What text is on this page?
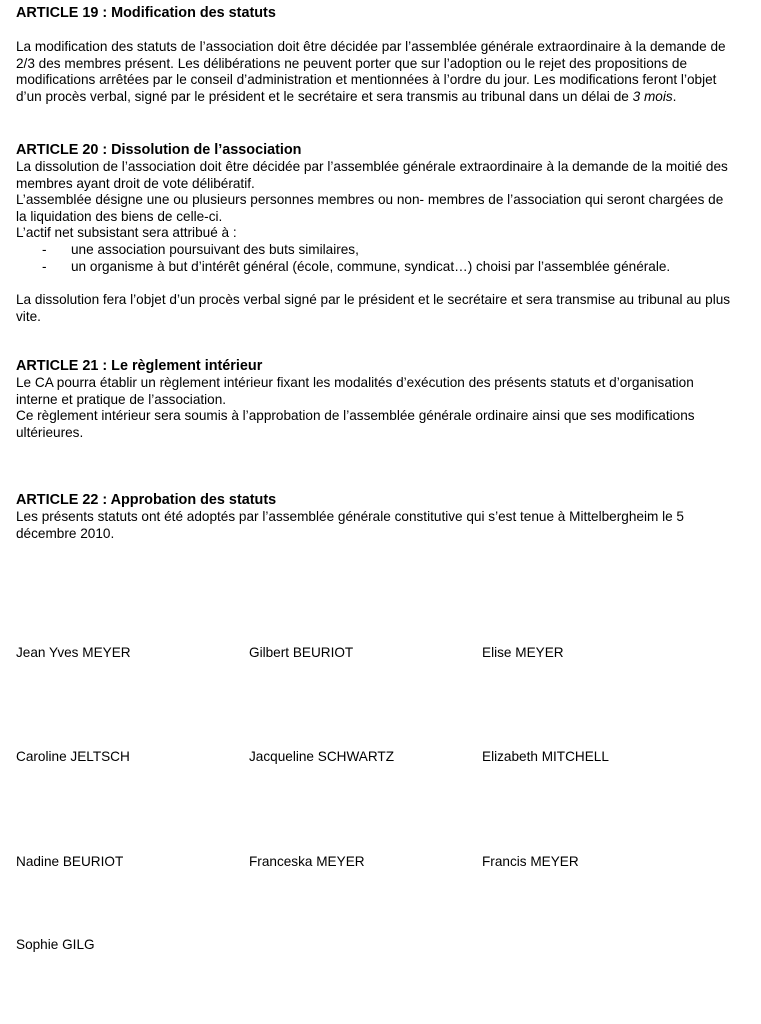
ARTICLE 19 : Modification des statuts

La modification des statuts de l’association doit être décidée par l’assemblée générale extraordinaire à la demande de 2/3 des membres présent. Les délibérations ne peuvent porter que sur l’adoption ou le rejet des propositions de modifications arrêtées par le conseil d’administration et mentionnées à l’ordre du jour. Les modifications feront l’objet d’un procès verbal, signé par le président et le secrétaire et sera transmis au tribunal dans un délai de 3 mois.

ARTICLE 20 : Dissolution de l’association

La dissolution de l’association doit être décidée par l’assemblée générale extraordinaire à la demande de la moitié des membres ayant droit de vote délibératif.

L’assemblée désigne une ou plusieurs personnes membres ou non- membres de l’association qui seront chargées de la liquidation des biens de celle-ci.

L’actif net subsistant sera attribué à :

- une association poursuivant des buts similaires,
- un organisme à but d’intérêt général (école, commune, syndicat…) choisi par l’assemblée générale.

La dissolution fera l’objet d’un procès verbal signé par le président et le secrétaire et sera transmise au tribunal au plus vite.

ARTICLE 21 : Le règlement intérieur

Le CA pourra établir un règlement intérieur fixant les modalités d’exécution des présents statuts et d’organisation interne et pratique de l’association.

Ce règlement intérieur sera soumis à l’approbation de l’assemblée générale ordinaire ainsi que ses modifications ultérieures.

ARTICLE 22 : Approbation des statuts

Les présents statuts ont été adoptés par l’assemblée générale constitutive qui s’est tenue à Mittelbergheim le 5 décembre 2010.

Jean Yves MEYER	Gilbert BEURIOT	Elise MEYER
Caroline JELTSCH	Jacqueline SCHWARTZ	Elizabeth MITCHELL
Nadine BEURIOT	Franceska MEYER	Francis MEYER
Sophie GILG
